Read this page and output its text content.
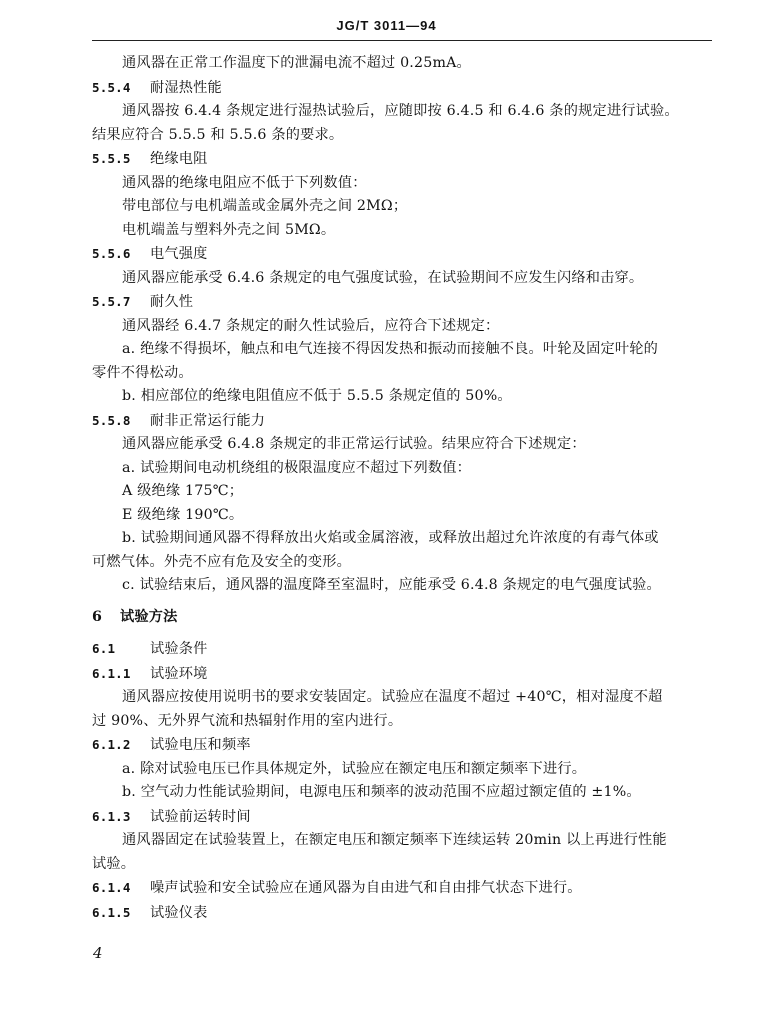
JG/T 3011—94
通风器在正常工作温度下的泄漏电流不超过 0.25mA。
5.5.4 耐湿热性能
通风器按 6.4.4 条规定进行湿热试验后，应随即按 6.4.5 和 6.4.6 条的规定进行试验。
结果应符合 5.5.5 和 5.5.6 条的要求。
5.5.5 绝缘电阻
通风器的绝缘电阻应不低于下列数值：
带电部位与电机端盖或金属外壳之间 2MΩ；
电机端盖与塑料外壳之间 5MΩ。
5.5.6 电气强度
通风器应能承受 6.4.6 条规定的电气强度试验，在试验期间不应发生闪络和击穿。
5.5.7 耐久性
通风器经 6.4.7 条规定的耐久性试验后，应符合下述规定：
a. 绝缘不得损坏，触点和电气连接不得因发热和振动而接触不良。叶轮及固定叶轮的
零件不得松动。
b. 相应部位的绝缘电阻值应不低于 5.5.5 条规定值的 50%。
5.5.8 耐非正常运行能力
通风器应能承受 6.4.8 条规定的非正常运行试验。结果应符合下述规定：
a. 试验期间电动机绕组的极限温度应不超过下列数值：
A 级绝缘 175℃；
E 级绝缘 190℃。
b. 试验期间通风器不得释放出火焰或金属溶液，或释放出超过允许浓度的有毒气体或
可燃气体。外壳不应有危及安全的变形。
c. 试验结束后，通风器的温度降至室温时，应能承受 6.4.8 条规定的电气强度试验。
6 试验方法
6.1 试验条件
6.1.1 试验环境
通风器应按使用说明书的要求安装固定。试验应在温度不超过 +40℃，相对湿度不超
过 90%、无外界气流和热辐射作用的室内进行。
6.1.2 试验电压和频率
a. 除对试验电压已作具体规定外，试验应在额定电压和额定频率下进行。
b. 空气动力性能试验期间，电源电压和频率的波动范围不应超过额定值的 ±1%。
6.1.3 试验前运转时间
通风器固定在试验装置上，在额定电压和额定频率下连续运转 20min 以上再进行性能
试验。
6.1.4 噪声试验和安全试验应在通风器为自由进气和自由排气状态下进行。
6.1.5 试验仪表
4
